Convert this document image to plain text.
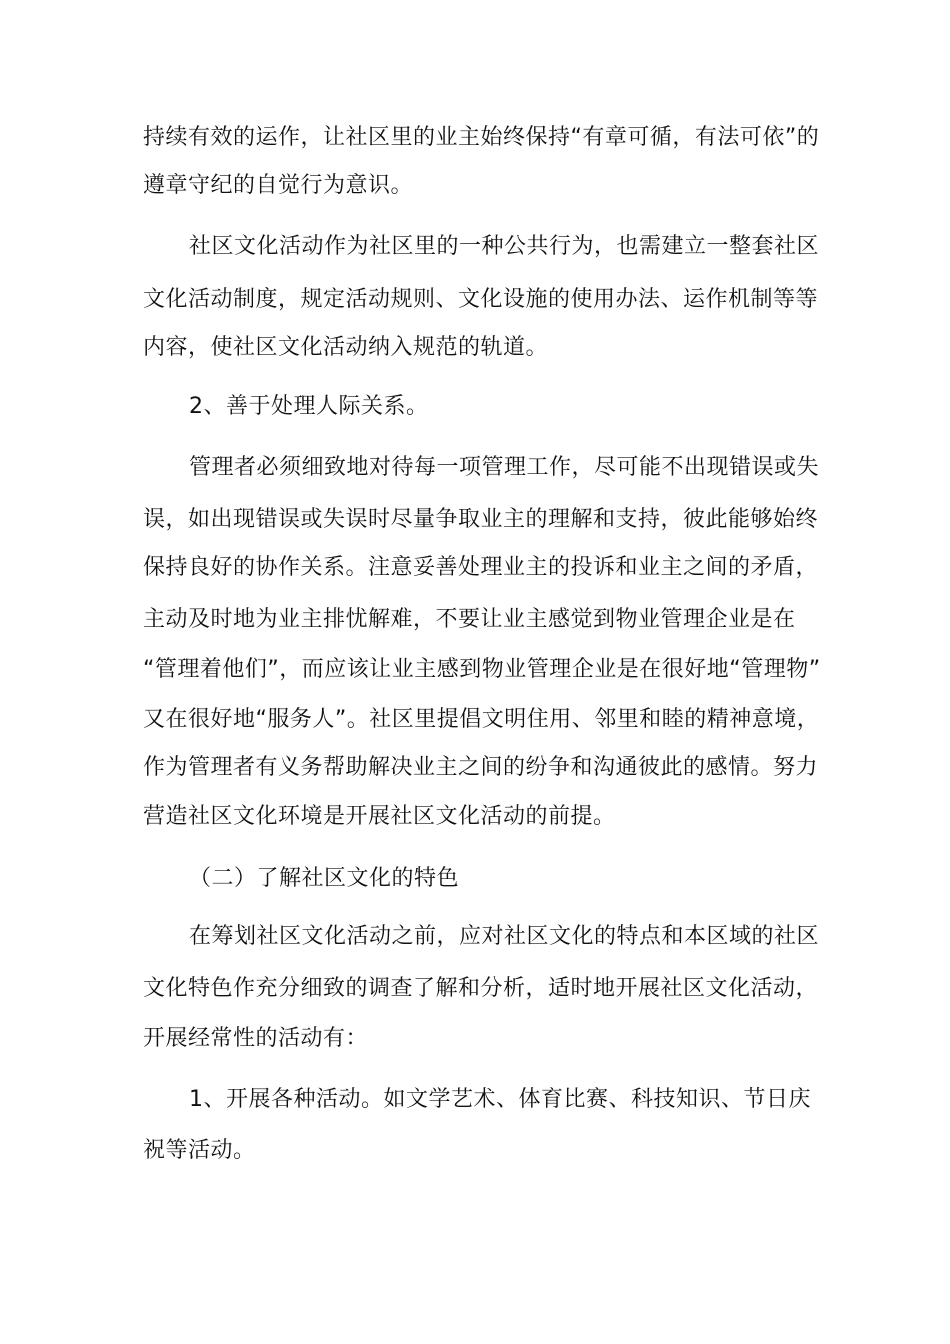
持续有效的运作，让社区里的业主始终保持“有章可循，有法可依”的
遵章守纪的自觉行为意识。
社区文化活动作为社区里的一种公共行为，也需建立一整套社区
文化活动制度，规定活动规则、文化设施的使用办法、运作机制等等
内容，使社区文化活动纳入规范的轨道。
2、善于处理人际关系。
管理者必须细致地对待每一项管理工作，尽可能不出现错误或失
误，如出现错误或失误时尽量争取业主的理解和支持，彼此能够始终
保持良好的协作关系。注意妥善处理业主的投诉和业主之间的矛盾，
主动及时地为业主排忧解难，不要让业主感觉到物业管理企业是在
“管理着他们”，而应该让业主感到物业管理企业是在很好地“管理物”
又在很好地“服务人”。社区里提倡文明住用、邻里和睦的精神意境，
作为管理者有义务帮助解决业主之间的纷争和沟通彼此的感情。努力
营造社区文化环境是开展社区文化活动的前提。
（二）了解社区文化的特色
在筹划社区文化活动之前，应对社区文化的特点和本区域的社区
文化特色作充分细致的调查了解和分析，适时地开展社区文化活动，
开展经常性的活动有：
1、开展各种活动。如文学艺术、体育比赛、科技知识、节日庆
祝等活动。
